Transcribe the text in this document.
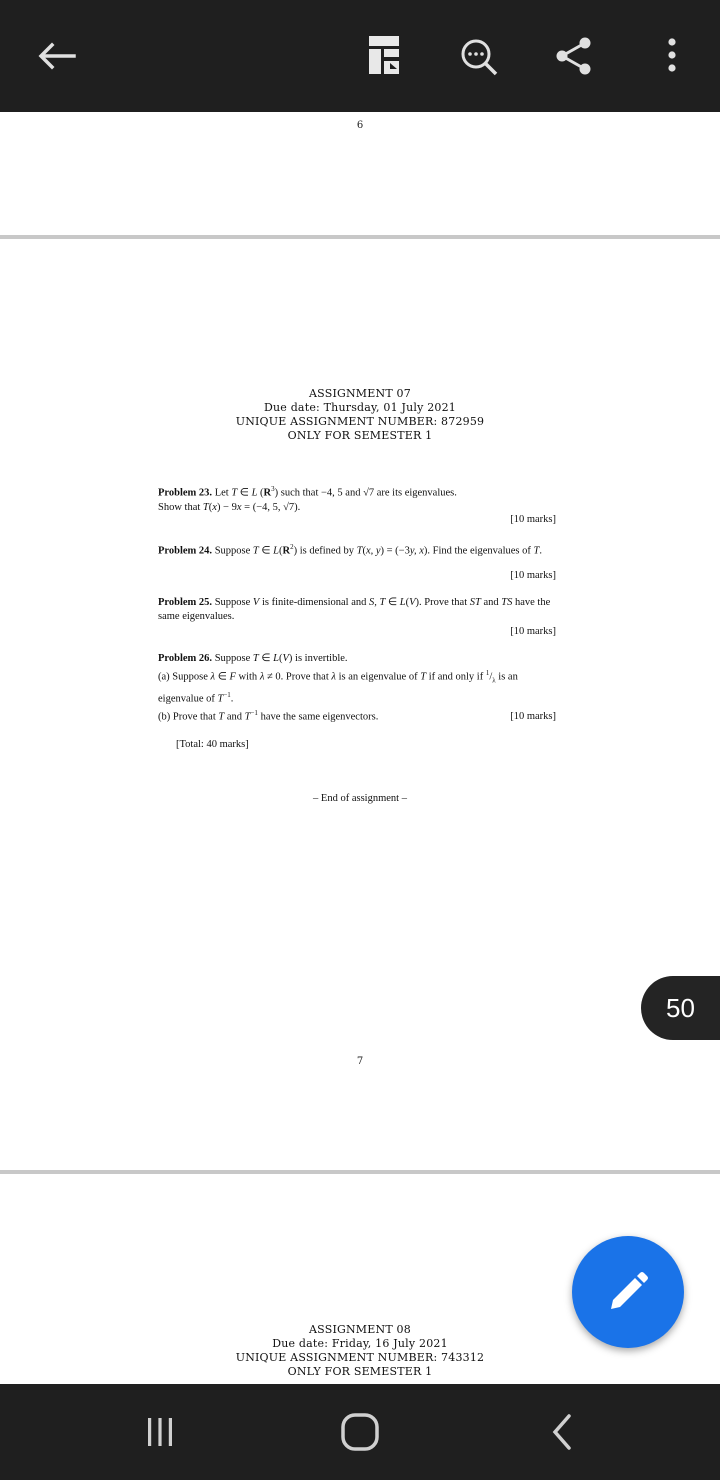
6
ASSIGNMENT 07
Due date: Thursday, 01 July 2021
UNIQUE ASSIGNMENT NUMBER: 872959
ONLY FOR SEMESTER 1
Problem 23. Let T ∈ L $(R^3)$ such that −4, 5 and √7 are its eigenvalues.
Show that T(x) − 9x = (−4, 5, √7).
[10 marks]
Problem 24. Suppose T ∈ $L(R^2)$ is defined by T(x, y) = (−3y, x). Find the eigenvalues of T.
[10 marks]
Problem 25. Suppose V is finite-dimensional and S, T ∈ L(V). Prove that ST and TS have the same eigenvalues.
[10 marks]
Problem 26. Suppose T ∈ L(V) is invertible.
(a) Suppose λ ∈ F with λ ≠ 0. Prove that λ is an eigenvalue of T if and only if $^1/_\lambda$ is an eigenvalue of $T^{-1}$.
(b) Prove that T and $T^{-1}$ have the same eigenvectors.	[10 marks]
[Total: 40 marks]
– End of assignment –
7
ASSIGNMENT 08
Due date: Friday, 16 July 2021
UNIQUE ASSIGNMENT NUMBER: 743312
ONLY FOR SEMESTER 1
50
